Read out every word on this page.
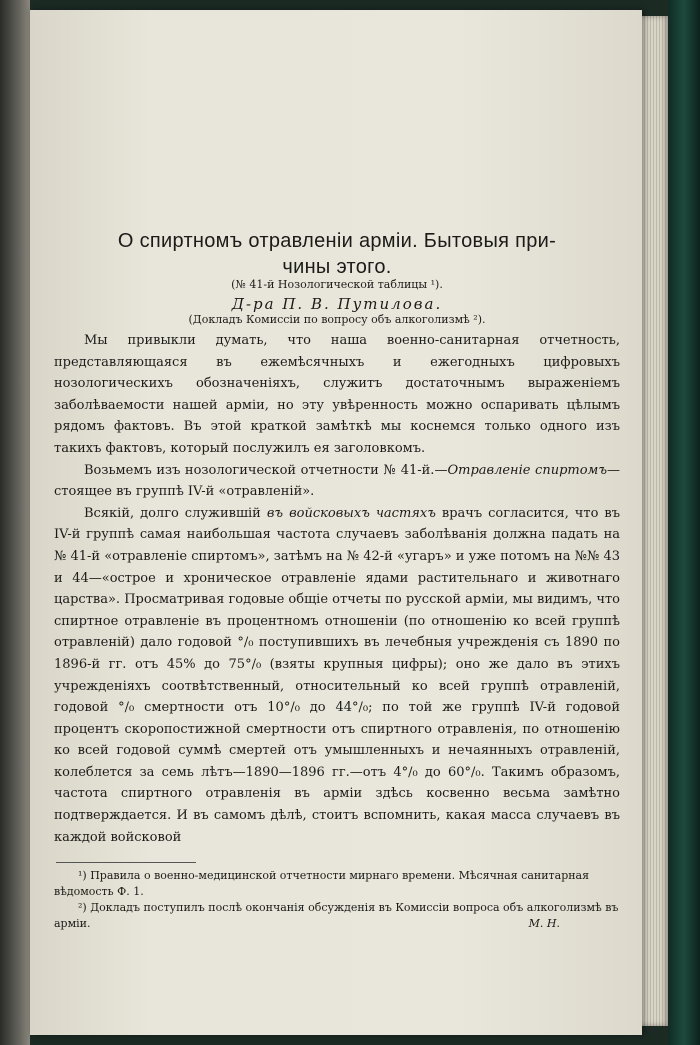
О спиртномъ отравленіи арміи. Бытовыя при-
чины этого.
(№ 41-й Нозологической таблицы ¹).
Д-ра П. В. Путилова.
(Докладъ Комиссіи по вопросу объ алкоголизмѣ ²).

Мы привыкли думать, что наша военно-санитарная отчетность, представляющаяся въ ежемѣсячныхъ и ежегодныхъ цифровыхъ нозологическихъ обозначеніяхъ, служитъ достаточнымъ выраженіемъ заболѣваемости нашей арміи, но эту увѣренность можно оспаривать цѣлымъ рядомъ фактовъ. Въ этой краткой замѣткѣ мы коснемся только одного изъ такихъ фактовъ, который послужилъ ея заголовкомъ.

Возьмемъ изъ нозологической отчетности № 41-й.—Отравленіе спиртомъ—стоящее въ группѣ IV-й «отравленій».

Всякій, долго служившій въ войсковыхъ частяхъ врачъ согласится, что въ IV-й группѣ самая наибольшая частота случаевъ заболѣванія должна падать на № 41-й «отравленіе спиртомъ», затѣмъ на № 42-й «угаръ» и уже потомъ на №№ 43 и 44—«острое и хроническое отравленіе ядами растительнаго и животнаго царства». Просматривая годовые общіе отчеты по русской арміи, мы видимъ, что спиртное отравленіе въ процентномъ отношеніи (по отношенію ко всей группѣ отравленій) дало годовой °/₀ поступившихъ въ лечебныя учрежденія съ 1890 по 1896-й гг. отъ 45% до 75°/₀ (взяты крупныя цифры); оно же дало въ этихъ учрежденіяхъ соотвѣтственный, относительный ко всей группѣ отравленій, годовой °/₀ смертности отъ 10°/₀ до 44°/₀; по той же группѣ IV-й годовой процентъ скоропостижной смертности отъ спиртного отравленія, по отношенію ко всей годовой суммѣ смертей отъ умышленныхъ и нечаянныхъ отравленій, колеблется за семь лѣтъ—1890—1896 гг.—отъ 4°/₀ до 60°/₀. Такимъ образомъ, частота спиртного отравленія въ арміи здѣсь косвенно весьма замѣтно подтверждается. И въ самомъ дѣлѣ, стоитъ вспомнить, какая масса случаевъ въ каждой войсковой

¹) Правила о военно-медицинской отчетности мирнаго времени. Мѣсячная санитарная вѣдомость Ф. 1.

²) Докладъ поступилъ послѣ окончанія обсужденія въ Комиссіи вопроса объ алкоголизмѣ въ арміи.	М. Н.
